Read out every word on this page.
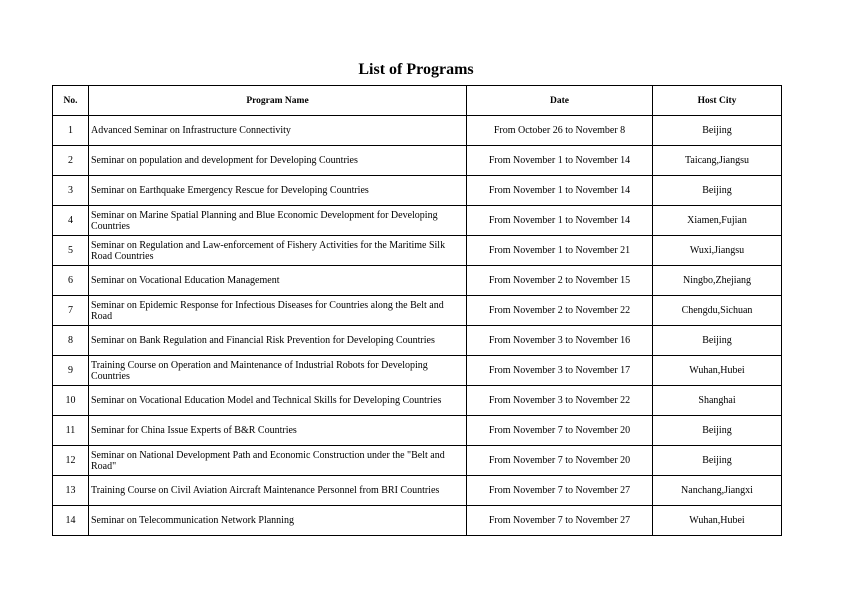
List of Programs
No.	Program Name	Date	Host City
1	Advanced Seminar on Infrastructure Connectivity	From October 26 to November 8	Beijing
2	Seminar on population and development for Developing Countries	From November 1 to November 14	Taicang,Jiangsu
3	Seminar on Earthquake Emergency Rescue for Developing Countries	From November 1 to November 14	Beijing
4	Seminar on Marine Spatial Planning and Blue Economic Development for Developing Countries	From November 1 to November 14	Xiamen,Fujian
5	Seminar on Regulation and Law-enforcement of Fishery Activities for the Maritime Silk Road Countries	From November 1 to November 21	Wuxi,Jiangsu
6	Seminar on Vocational Education Management	From November 2 to November 15	Ningbo,Zhejiang
7	Seminar on Epidemic Response for Infectious Diseases for Countries along the Belt and Road	From November 2 to November 22	Chengdu,Sichuan
8	Seminar on Bank Regulation and Financial Risk Prevention for Developing Countries	From November 3 to November 16	Beijing
9	Training Course on Operation and Maintenance of Industrial Robots for Developing Countries	From November 3 to November 17	Wuhan,Hubei
10	Seminar on Vocational Education Model and Technical Skills for Developing Countries	From November 3 to November 22	Shanghai
11	Seminar for China Issue Experts of B&R Countries	From November 7 to November 20	Beijing
12	Seminar on National Development Path and Economic Construction under the "Belt and Road"	From November 7 to November 20	Beijing
13	Training Course on Civil Aviation Aircraft Maintenance Personnel from BRI Countries	From November 7 to November 27	Nanchang,Jiangxi
14	Seminar on Telecommunication Network Planning	From November 7 to November 27	Wuhan,Hubei
